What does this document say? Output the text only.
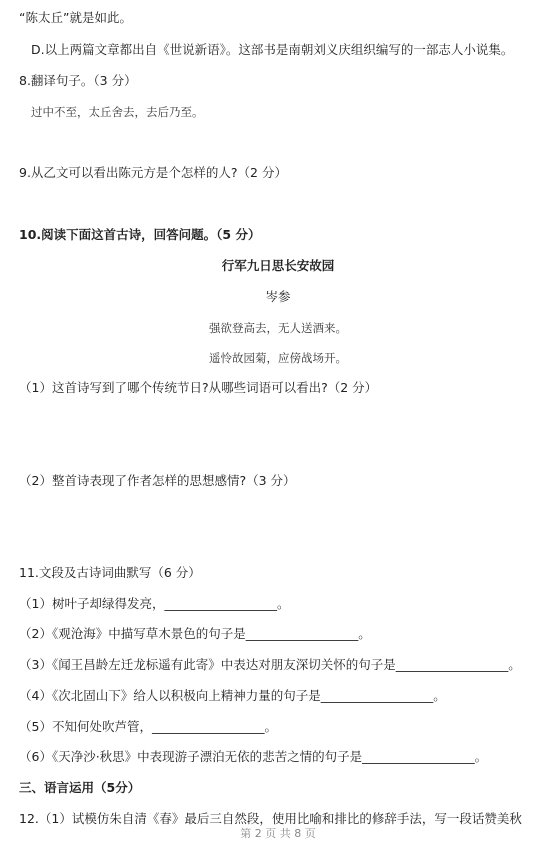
“陈太丘”就是如此。
D.以上两篇文章都出自《世说新语》。这部书是南朝刘义庆组织编写的一部志人小说集。
8.翻译句子。（3 分）
过中不至，太丘舍去，去后乃至。
9.从乙文可以看出陈元方是个怎样的人?（2 分）
10.阅读下面这首古诗，回答问题。（5 分）
行军九日思长安故园
岑参
强欲登高去，无人送酒来。
遥怜故园菊，应傍战场开。
（1）这首诗写到了哪个传统节日?从哪些词语可以看出?（2 分）
（2）整首诗表现了作者怎样的思想感情?（3 分）
11.文段及古诗词曲默写（6 分）
（1）树叶子却绿得发亮，__________________。
（2）《观沧海》中描写草木景色的句子是__________________。
（3）《闻王昌龄左迁龙标遥有此寄》中表达对朋友深切关怀的句子是__________________。
（4）《次北固山下》给人以积极向上精神力量的句子是__________________。
（5）不知何处吹芦管，__________________。
（6）《天净沙·秋思》中表现游子漂泊无依的悲苦之情的句子是__________________。
三、语言运用（5分）
12.（1）试模仿朱自清《春》最后三自然段，使用比喻和排比的修辞手法，写一段话赞美秋
第 2 页 共 8 页
